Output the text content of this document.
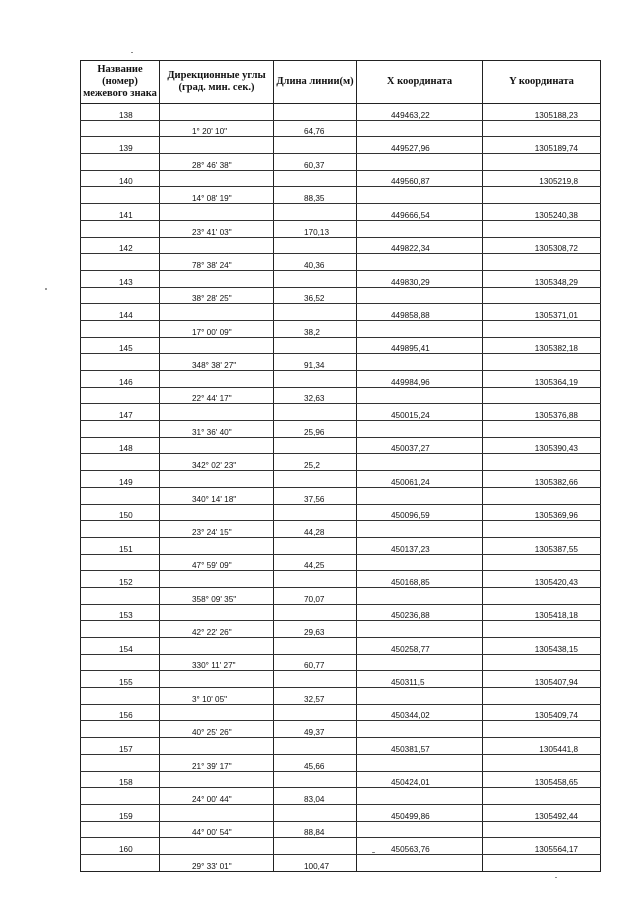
Название (номер) межевого знака	Дирекционные углы (град. мин. сек.)	Длина линии(м)	X координата	Y координата
138			449463,22	1305188,23
	1° 20' 10"	64,76		
139			449527,96	1305189,74
	28° 46' 38"	60,37		
140			449560,87	1305219,8
	14° 08' 19"	88,35		
141			449666,54	1305240,38
	23° 41' 03"	170,13		
142			449822,34	1305308,72
	78° 38' 24"	40,36		
143			449830,29	1305348,29
	38° 28' 25"	36,52		
144			449858,88	1305371,01
	17° 00' 09"	38,2		
145			449895,41	1305382,18
	348° 38' 27"	91,34		
146			449984,96	1305364,19
	22° 44' 17"	32,63		
147			450015,24	1305376,88
	31° 36' 40"	25,96		
148			450037,27	1305390,43
	342° 02' 23"	25,2		
149			450061,24	1305382,66
	340° 14' 18"	37,56		
150			450096,59	1305369,96
	23° 24' 15"	44,28		
151			450137,23	1305387,55
	47° 59' 09"	44,25		
152			450168,85	1305420,43
	358° 09' 35"	70,07		
153			450236,88	1305418,18
	42° 22' 26"	29,63		
154			450258,77	1305438,15
	330° 11' 27"	60,77		
155			450311,5	1305407,94
	3° 10' 05"	32,57		
156			450344,02	1305409,74
	40° 25' 26"	49,37		
157			450381,57	1305441,8
	21° 39' 17"	45,66		
158			450424,01	1305458,65
	24° 00' 44"	83,04		
159			450499,86	1305492,44
	44° 00' 54"	88,84		
160			450563,76	1305564,17
	29° 33' 01"	100,47		
